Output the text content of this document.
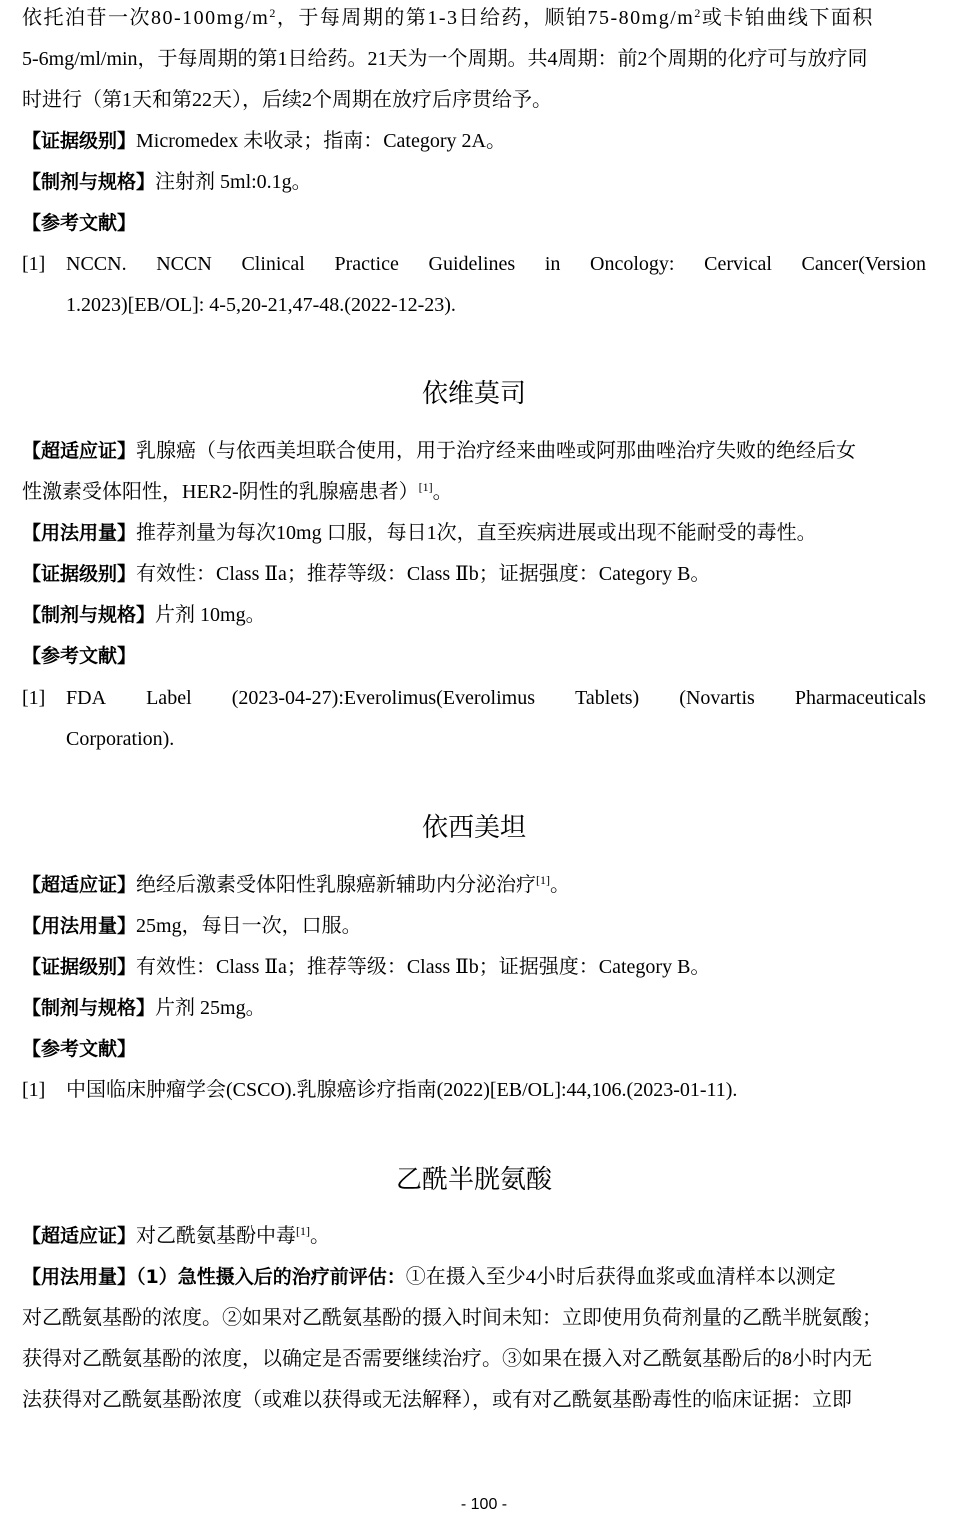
依托泊苷一次$80-100mg/m^2$，于每周期的第1-3日给药，顺铂$75-80mg/m^2$或卡铂曲线下面积

5-6mg/ml/min，于每周期的第1日给药。21天为一个周期。共4周期：前2个周期的化疗可与放疗同

时进行（第1天和第22天），后续2个周期在放疗后序贯给予。

【证据级别】Micromedex 未收录；指南：Category 2A。

【制剂与规格】注射剂 5ml:0.1g。

【参考文献】

[1]	NCCN. NCCN Clinical Practice Guidelines in Oncology: Cervical Cancer(Version
1.2023)[EB/OL]: 4-5,20-21,47-48.(2022-12-23).

依维莫司

【超适应证】乳腺癌（与依西美坦联合使用，用于治疗经来曲唑或阿那曲唑治疗失败的绝经后女

性激素受体阳性，HER2-阴性的乳腺癌患者）[1]。

【用法用量】推荐剂量为每次10mg 口服，每日1次，直至疾病进展或出现不能耐受的毒性。

【证据级别】有效性：Class Ⅱa；推荐等级：Class Ⅱb；证据强度：Category B。

【制剂与规格】片剂 10mg。

【参考文献】

[1]	FDA Label (2023-04-27):Everolimus(Everolimus Tablets) (Novartis Pharmaceuticals
Corporation).

依西美坦

【超适应证】绝经后激素受体阳性乳腺癌新辅助内分泌治疗[1]。

【用法用量】25mg，每日一次，口服。

【证据级别】有效性：Class Ⅱa；推荐等级：Class Ⅱb；证据强度：Category B。

【制剂与规格】片剂 25mg。

【参考文献】

[1]	中国临床肿瘤学会(CSCO).乳腺癌诊疗指南(2022)[EB/OL]:44,106.(2023-01-11).

乙酰半胱氨酸

【超适应证】对乙酰氨基酚中毒[1]。

【用法用量】（1）急性摄入后的治疗前评估：①在摄入至少4小时后获得血浆或血清样本以测定

对乙酰氨基酚的浓度。②如果对乙酰氨基酚的摄入时间未知：立即使用负荷剂量的乙酰半胱氨酸；

获得对乙酰氨基酚的浓度，以确定是否需要继续治疗。③如果在摄入对乙酰氨基酚后的8小时内无

法获得对乙酰氨基酚浓度（或难以获得或无法解释），或有对乙酰氨基酚毒性的临床证据：立即

- 100 -
